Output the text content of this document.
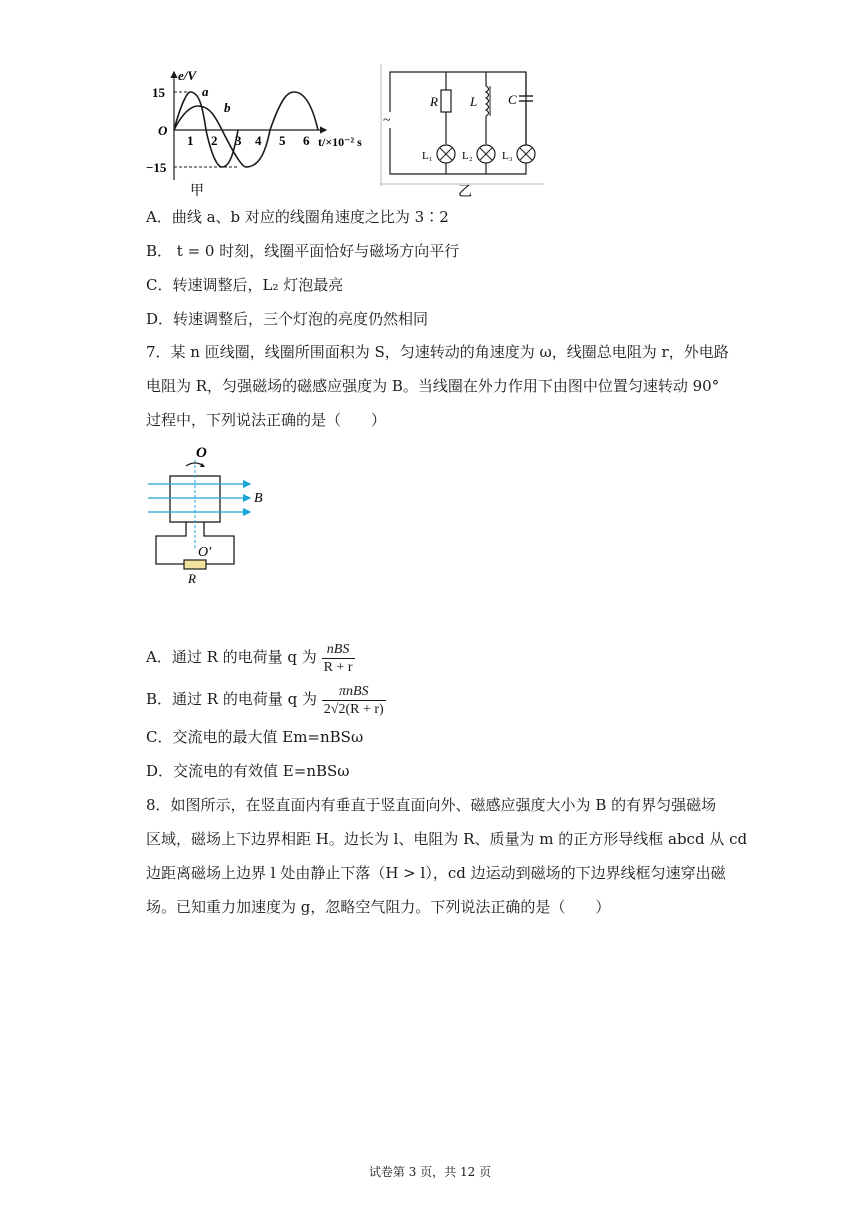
e/V
15
−15
O
a
b
1 2 3 4 5 6 t/×10⁻² s
甲
~
R L C
L₁	L₂	L₃
乙
A．曲线 a、b 对应的线圈角速度之比为 3∶2
B． t = 0 时刻，线圈平面恰好与磁场方向平行
C．转速调整后，L₂ 灯泡最亮
D．转速调整后，三个灯泡的亮度仍然相同
7．某 n 匝线圈，线圈所围面积为 S，匀速转动的角速度为 ω，线圈总电阻为 r，外电路
电阻为 R，匀强磁场的磁感应强度为 B。当线圈在外力作用下由图中位置匀速转动 90°
过程中，下列说法正确的是（　　）
O
O′
B
R
A．通过 R 的电荷量 q 为 $\frac{\text{nBS}}{R + r}$
B．通过 R 的电荷量 q 为 $\frac{\text{πnBS}}{2√2(R + r)}$
C．交流电的最大值 Em=nBSω
D．交流电的有效值 E=nBSω
8．如图所示，在竖直面内有垂直于竖直面向外、磁感应强度大小为 B 的有界匀强磁场
区域，磁场上下边界相距 H。边长为 l、电阻为 R、质量为 m 的正方形导线框 abcd 从 cd
边距离磁场上边界 l 处由静止下落（H > l），cd 边运动到磁场的下边界线框匀速穿出磁
场。已知重力加速度为 g，忽略空气阻力。下列说法正确的是（　　）
试卷第 3 页，共 12 页
